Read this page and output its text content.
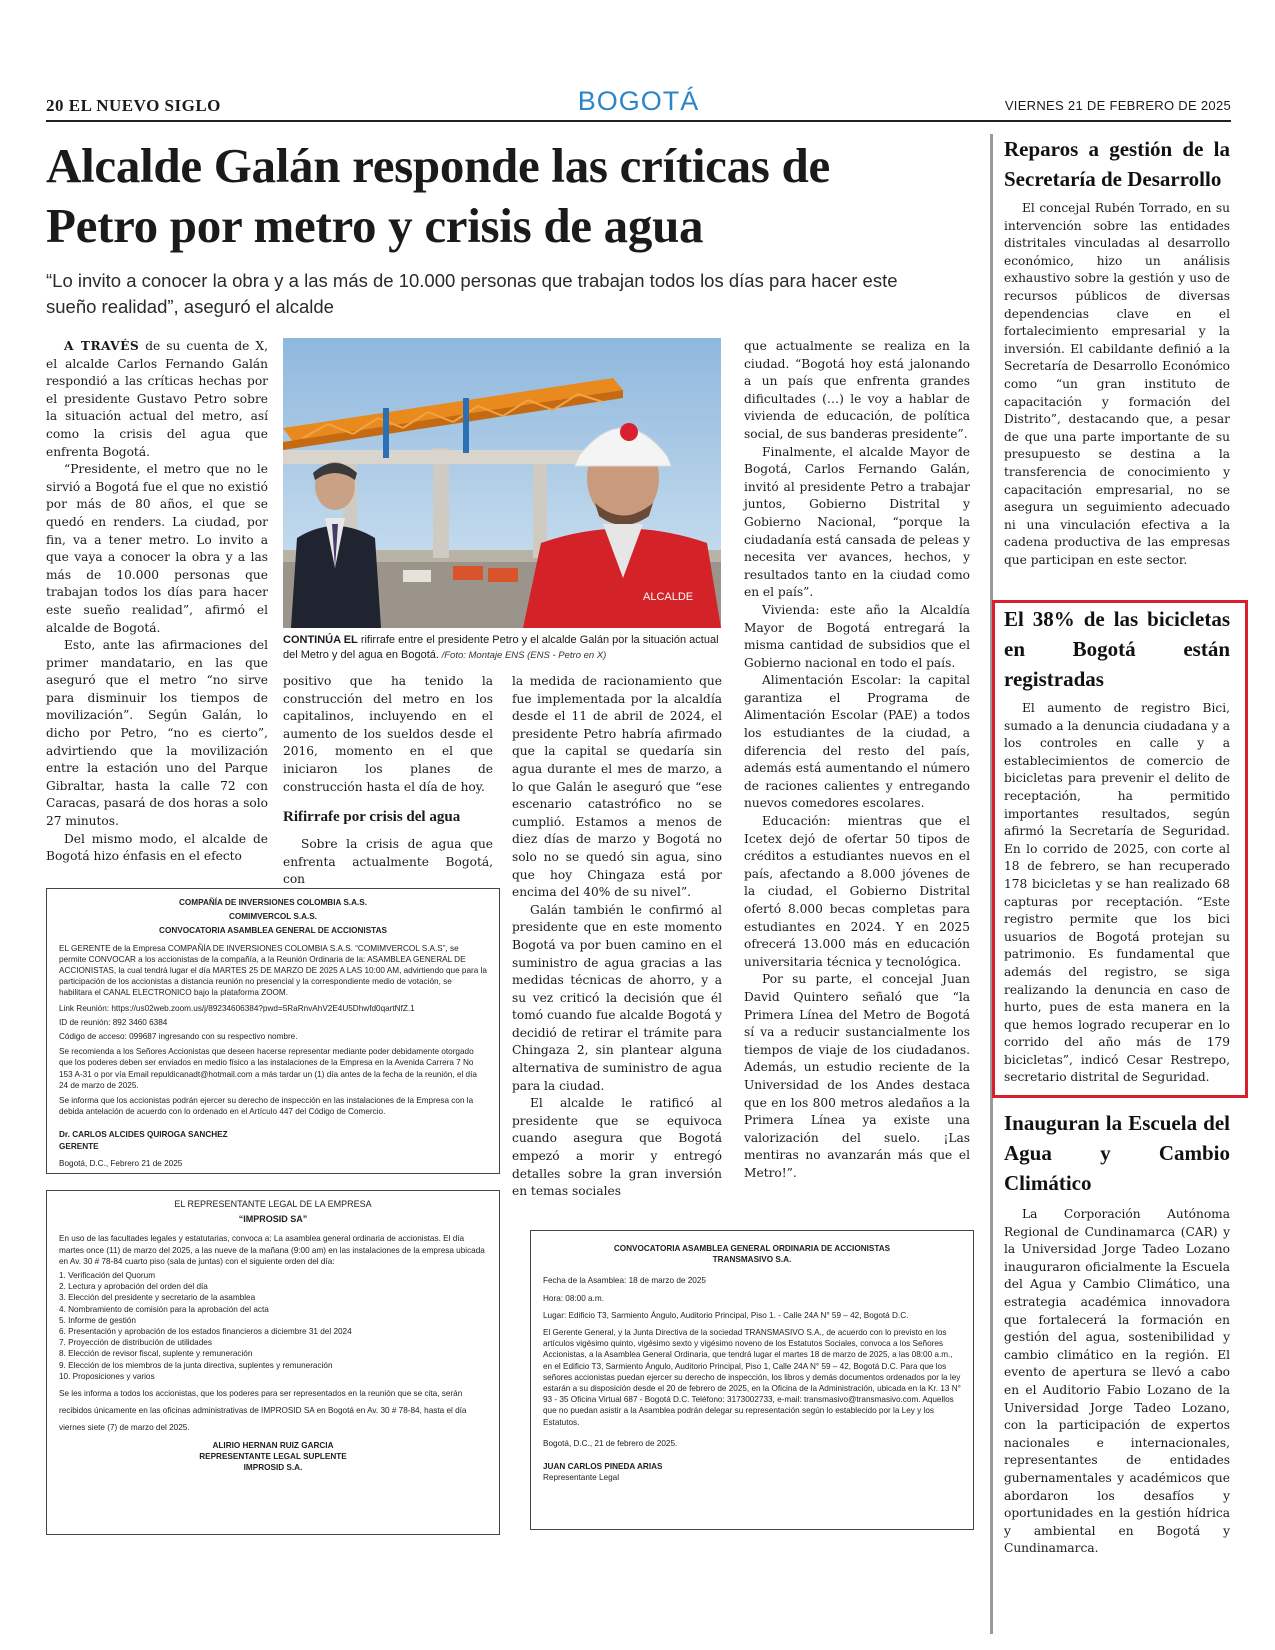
20 EL NUEVO SIGLO	BOGOTÁ	VIERNES 21 DE FEBRERO DE 2025
Alcalde Galán responde las críticas de Petro por metro y crisis de agua
“Lo invito a conocer la obra y a las más de 10.000 personas que trabajan todos los días para hacer este sueño realidad”, aseguró el alcalde

A TRAVÉS de su cuenta de X, el alcalde Carlos Fernando Galán respondió a las críticas hechas por el presidente Gustavo Petro sobre la situación actual del metro, así como la crisis del agua que enfrenta Bogotá.

“Presidente, el metro que no le sirvió a Bogotá fue el que no existió por más de 80 años, el que se quedó en renders. La ciudad, por fin, va a tener metro. Lo invito a que vaya a conocer la obra y a las más de 10.000 personas que trabajan todos los días para hacer este sueño realidad”, afirmó el alcalde de Bogotá.

Esto, ante las afirmaciones del primer mandatario, en las que aseguró que el metro “no sirve para disminuir los tiempos de movilización”. Según Galán, lo dicho por Petro, “no es cierto”, advirtiendo que la movilización entre la estación uno del Parque Gibraltar, hasta la calle 72 con Caracas, pasará de dos horas a solo 27 minutos.

Del mismo modo, el alcalde de Bogotá hizo énfasis en el efecto

ALCALDE
CONTINÚA EL rifirrafe entre el presidente Petro y el alcalde Galán por la situación actual del Metro y del agua en Bogotá. /Foto: Montaje ENS (ENS - Petro en X)

positivo que ha tenido la construcción del metro en los capitalinos, incluyendo en el aumento de los sueldos desde el 2016, momento en el que iniciaron los planes de construcción hasta el día de hoy.

Rifirrafe por crisis del agua

Sobre la crisis de agua que enfrenta actualmente Bogotá, con

la medida de racionamiento que fue implementada por la alcaldía desde el 11 de abril de 2024, el presidente Petro habría afirmado que la capital se quedaría sin agua durante el mes de marzo, a lo que Galán le aseguró que “ese escenario catastrófico no se cumplió. Estamos a menos de diez días de marzo y Bogotá no solo no se quedó sin agua, sino que hoy Chingaza está por encima del 40% de su nivel”.

Galán también le confirmó al presidente que en este momento Bogotá va por buen camino en el suministro de agua gracias a las medidas técnicas de ahorro, y a su vez criticó la decisión que él tomó cuando fue alcalde Bogotá y decidió de retirar el trámite para Chingaza 2, sin plantear alguna alternativa de suministro de agua para la ciudad.

El alcalde le ratificó al presidente que se equivoca cuando asegura que Bogotá empezó a morir y entregó detalles sobre la gran inversión en temas sociales

que actualmente se realiza en la ciudad. “Bogotá hoy está jalonando a un país que enfrenta grandes dificultades (…) le voy a hablar de vivienda de educación, de política social, de sus banderas presidente”.

Finalmente, el alcalde Mayor de Bogotá, Carlos Fernando Galán, invitó al presidente Petro a trabajar juntos, Gobierno Distrital y Gobierno Nacional, “porque la ciudadanía está cansada de peleas y necesita ver avances, hechos, y resultados tanto en la ciudad como en el país”.

Vivienda: este año la Alcaldía Mayor de Bogotá entregará la misma cantidad de subsidios que el Gobierno nacional en todo el país.

Alimentación Escolar: la capital garantiza el Programa de Alimentación Escolar (PAE) a todos los estudiantes de la ciudad, a diferencia del resto del país, además está aumentando el número de raciones calientes y entregando nuevos comedores escolares.

Educación: mientras que el Icetex dejó de ofertar 50 tipos de créditos a estudiantes nuevos en el país, afectando a 8.000 jóvenes de la ciudad, el Gobierno Distrital ofertó 8.000 becas completas para estudiantes en 2024. Y en 2025 ofrecerá 13.000 más en educación universitaria técnica y tecnológica.

Por su parte, el concejal Juan David Quintero señaló que “la Primera Línea del Metro de Bogotá sí va a reducir sustancialmente los tiempos de viaje de los ciudadanos. Además, un estudio reciente de la Universidad de los Andes destaca que en los 800 metros aledaños a la Primera Línea ya existe una valorización del suelo. ¡Las mentiras no avanzarán más que el Metro!”.

COMPAÑÍA DE INVERSIONES COLOMBIA S.A.S.

COMIMVERCOL S.A.S.

CONVOCATORIA ASAMBLEA GENERAL DE ACCIONISTAS

EL GERENTE de la Empresa COMPAÑÍA DE INVERSIONES COLOMBIA S.A.S. “COMIMVERCOL S.A.S”, se permite CONVOCAR a los accionistas de la compañía, a la Reunión Ordinaria de la: ASAMBLEA GENERAL DE ACCIONISTAS, la cual tendrá lugar el día MARTES 25 DE MARZO DE 2025 A LAS 10:00 AM, advirtiendo que para la participación de los accionistas a distancia reunión no presencial y la correspondiente medio de votación, se habilitara el CANAL ELECTRONICO bajo la plataforma ZOOM.

Link Reunión: https://us02web.zoom.us/j/89234606384?pwd=5RaRnvAhV2E4U5Dhwfd0qartNfZ.1

ID de reunión: 892 3460 6384

Código de acceso: 099687 ingresando con su respectivo nombre.

Se recomienda a los Señores Accionistas que deseen hacerse representar mediante poder debidamente otorgado que los poderes deben ser enviados en medio físico a las instalaciones de la Empresa en la Avenida Carrera 7 No 153 A-31 o por vía Email repuldicanadt@hotmail.com a más tardar un (1) día antes de la fecha de la reunión, el día 24 de marzo de 2025.

Se informa que los accionistas podrán ejercer su derecho de inspección en las instalaciones de la Empresa con la debida antelación de acuerdo con lo ordenado en el Artículo 447 del Código de Comercio.

Dr. CARLOS ALCIDES QUIROGA SANCHEZ

GERENTE

Bogotá, D.C., Febrero 21 de 2025

EL REPRESENTANTE LEGAL DE LA EMPRESA

“IMPROSID SA”

En uso de las facultades legales y estatutarias, convoca a: La asamblea general ordinaria de accionistas. El día martes once (11) de marzo del 2025, a las nueve de la mañana (9:00 am) en las instalaciones de la empresa ubicada en Av. 30 # 78-84 cuarto piso (sala de juntas) con el siguiente orden del día:

1. Verificación del Quorum
2. Lectura y aprobación del orden del día
3. Elección del presidente y secretario de la asamblea
4. Nombramiento de comisión para la aprobación del acta
5. Informe de gestión
6. Presentación y aprobación de los estados financieros a diciembre 31 del 2024
7. Proyección de distribución de utilidades
8. Elección de revisor fiscal, suplente y remuneración
9. Elección de los miembros de la junta directiva, suplentes y remuneración
10. Proposiciones y varios

Se les informa a todos los accionistas, que los poderes para ser representados en la reunión que se cita, serán

recibidos únicamente en las oficinas administrativas de IMPROSID SA en Bogotá en Av. 30 # 78-84, hasta el día

viernes siete (7) de marzo del 2025.

ALIRIO HERNAN RUIZ GARCIA

REPRESENTANTE LEGAL SUPLENTE

IMPROSID S.A.

CONVOCATORIA ASAMBLEA GENERAL ORDINARIA DE ACCIONISTAS

TRANSMASIVO S.A.

Fecha de la Asamblea: 18 de marzo de 2025

Hora: 08:00 a.m.

Lugar: Edificio T3, Sarmiento Ángulo, Auditorio Principal, Piso 1. - Calle 24A N° 59 – 42, Bogotá D.C.

El Gerente General, y la Junta Directiva de la sociedad TRANSMASIVO S.A., de acuerdo con lo previsto en los artículos vigésimo quinto, vigésimo sexto y vigésimo noveno de los Estatutos Sociales, convoca a los Señores Accionistas, a la Asamblea General Ordinaria, que tendrá lugar el martes 18 de marzo de 2025, a las 08:00 a.m., en el Edificio T3, Sarmiento Ángulo, Auditorio Principal, Piso 1, Calle 24A N° 59 – 42, Bogotá D.C. Para que los señores accionistas puedan ejercer su derecho de inspección, los libros y demás documentos ordenados por la ley estarán a su disposición desde el 20 de febrero de 2025, en la Oficina de la Administración, ubicada en la Kr. 13 N° 93 - 35 Oficina Virtual 687 - Bogotá D.C. Teléfono: 3173002733, e-mail: transmasivo@transmasivo.com. Aquellos que no puedan asistir a la Asamblea podrán delegar su representación según lo establecido por la Ley y los Estatutos.

Bogotá, D.C., 21 de febrero de 2025.

JUAN CARLOS PINEDA ARIAS

Representante Legal

Reparos a gestión de la Secretaría de Desarrollo

El concejal Rubén Torrado, en su intervención sobre las entidades distritales vinculadas al desarrollo económico, hizo un análisis exhaustivo sobre la gestión y uso de recursos públicos de diversas dependencias clave en el fortalecimiento empresarial y la inversión. El cabildante definió a la Secretaría de Desarrollo Económico como “un gran instituto de capacitación y formación del Distrito”, destacando que, a pesar de que una parte importante de su presupuesto se destina a la transferencia de conocimiento y capacitación empresarial, no se asegura un seguimiento adecuado ni una vinculación efectiva a la cadena productiva de las empresas que participan en este sector.

El 38% de las bicicletas en Bogotá están registradas

El aumento de registro Bici, sumado a la denuncia ciudadana y a los controles en calle y a establecimientos de comercio de bicicletas para prevenir el delito de receptación, ha permitido importantes resultados, según afirmó la Secretaría de Seguridad. En lo corrido de 2025, con corte al 18 de febrero, se han recuperado 178 bicicletas y se han realizado 68 capturas por receptación. “Este registro permite que los bici usuarios de Bogotá protejan su patrimonio. Es fundamental que además del registro, se siga realizando la denuncia en caso de hurto, pues de esta manera en la que hemos logrado recuperar en lo corrido del año más de 179 bicicletas”, indicó Cesar Restrepo, secretario distrital de Seguridad.

Inauguran la Escuela del Agua y Cambio Climático

La Corporación Autónoma Regional de Cundinamarca (CAR) y la Universidad Jorge Tadeo Lozano inauguraron oficialmente la Escuela del Agua y Cambio Climático, una estrategia académica innovadora que fortalecerá la formación en gestión del agua, sostenibilidad y cambio climático en la región. El evento de apertura se llevó a cabo en el Auditorio Fabio Lozano de la Universidad Jorge Tadeo Lozano, con la participación de expertos nacionales e internacionales, representantes de entidades gubernamentales y académicos que abordaron los desafíos y oportunidades en la gestión hídrica y ambiental en Bogotá y Cundinamarca.
